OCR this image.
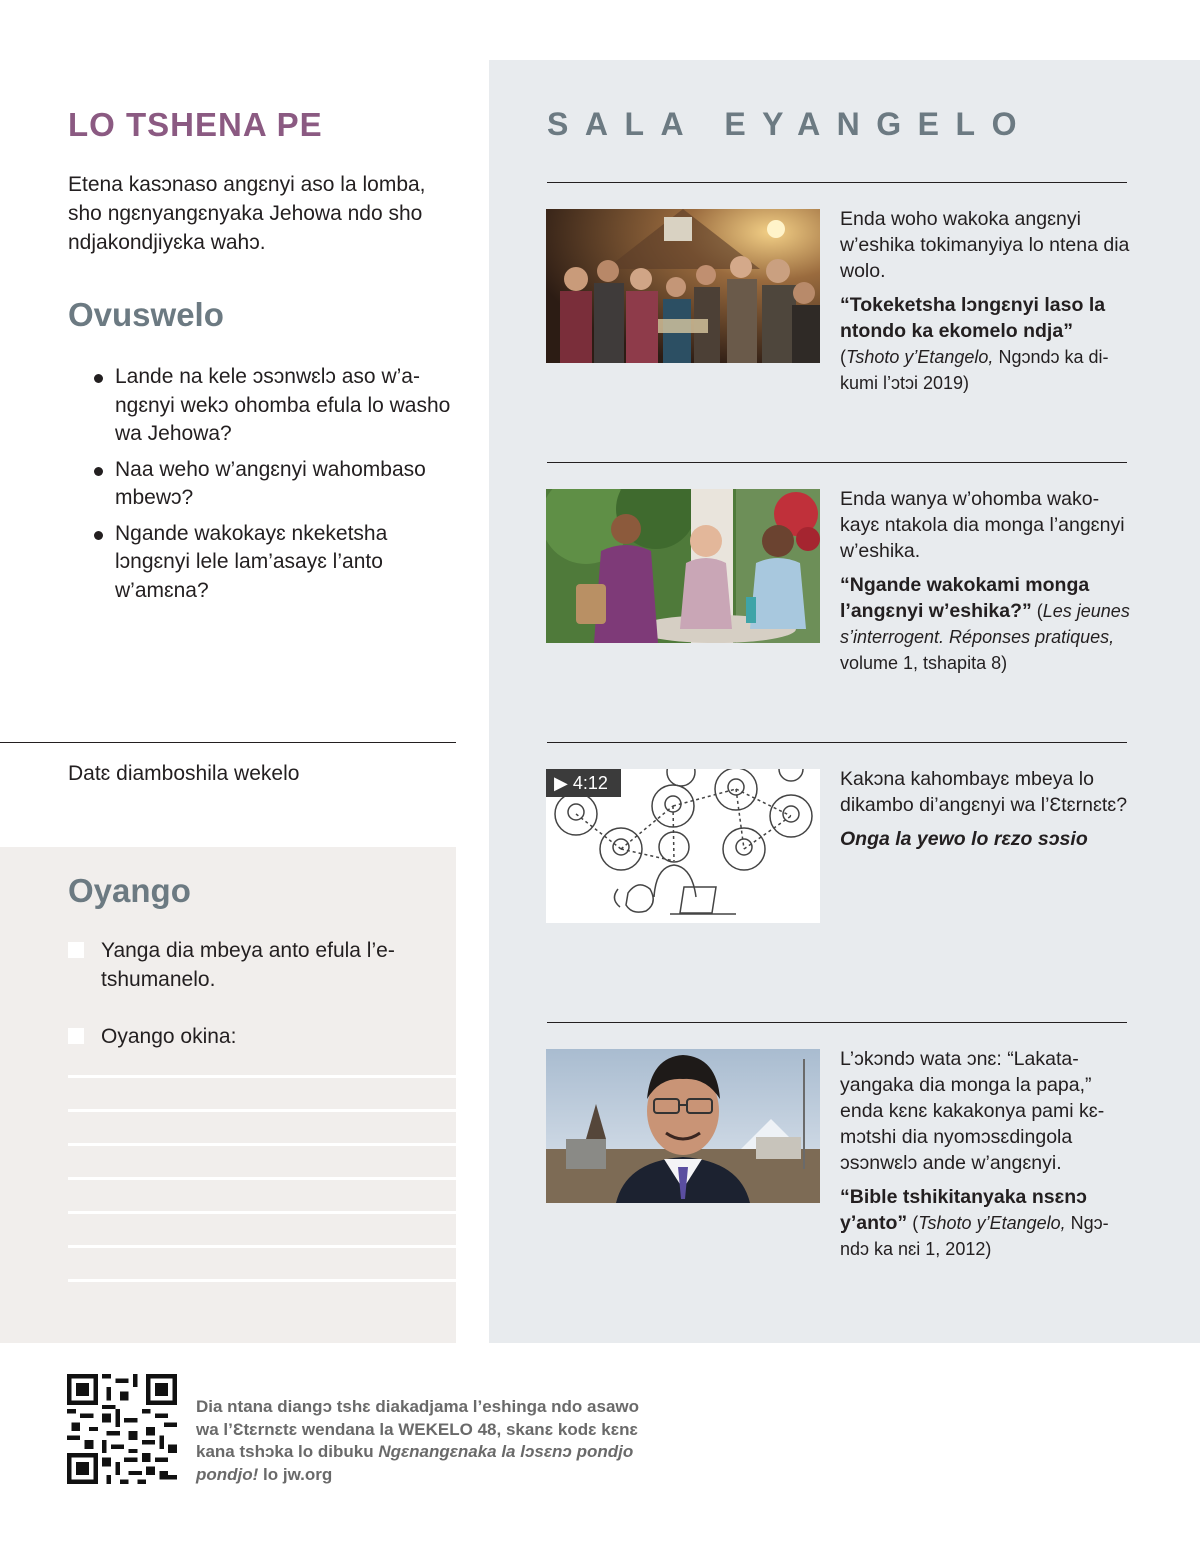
LO TSHENA PE

Etena kasɔnaso angɛnyi aso la lomba, sho ngɛnyangɛnyaka Jehowa ndo sho ndjakondjiyɛka wahɔ.

Ovuswelo
Lande na kele ɔsɔnwɛlɔ aso w’angɛnyi wekɔ ohomba efula lo washo wa Jehowa?
Naa weho w’angɛnyi wahombaso mbewɔ?
Ngande wakokayɛ nkeketsha lɔngɛnyi lele lam’asayɛ l’anto w’amɛna?
Datɛ diamboshila wekelo
Oyango
Yanga dia mbeya anto efula l’etshumanelo.
Oyango okina:
SALA EYANGELO
Enda woho wakoka angɛnyi w’eshika tokimanyiya lo ntena dia wolo.
“Tokeketsha lɔngɛnyi laso la ntondo ka ekomelo ndja” (Tshoto y’Etangelo, Ngɔndɔ ka dikumi l’ɔtɔi 2019)
Enda wanya w’ohomba wakokayɛ ntakola dia monga l’angɛnyi w’eshika.
“Ngande wakokami monga l’angɛnyi w’eshika?” (Les jeunes s’interrogent. Réponses pratiques, volume 1, tshapita 8)
▶ 4:12	Kakɔna kahombayɛ mbeya lo dikambo di’angɛnyi wa l’Ɛtɛrnɛtɛ?
Onga la yewo lo rɛzo sɔsio
L’ɔkɔndɔ wata ɔnɛ: “Lakatayangaka dia monga la papa,” enda kɛnɛ kakakonya pami kɛmɔtshi dia nyomɔsɛdingola ɔsɔnwɛlɔ ande w’angɛnyi.
“Bible tshikitanyaka nsɛnɔ y’anto” (Tshoto y’Etangelo, Ngɔndɔ ka nɛi 1, 2012)

Dia ntana diangɔ tshɛ diakadjama l’eshinga ndo asawo wa l’Ɛtɛrnɛtɛ wendana la WEKELO 48, skanɛ kodɛ kɛnɛ kana tshɔka lo dibuku Ngɛnangɛnaka la lɔsɛnɔ pondjo pondjo! lo jw.org
